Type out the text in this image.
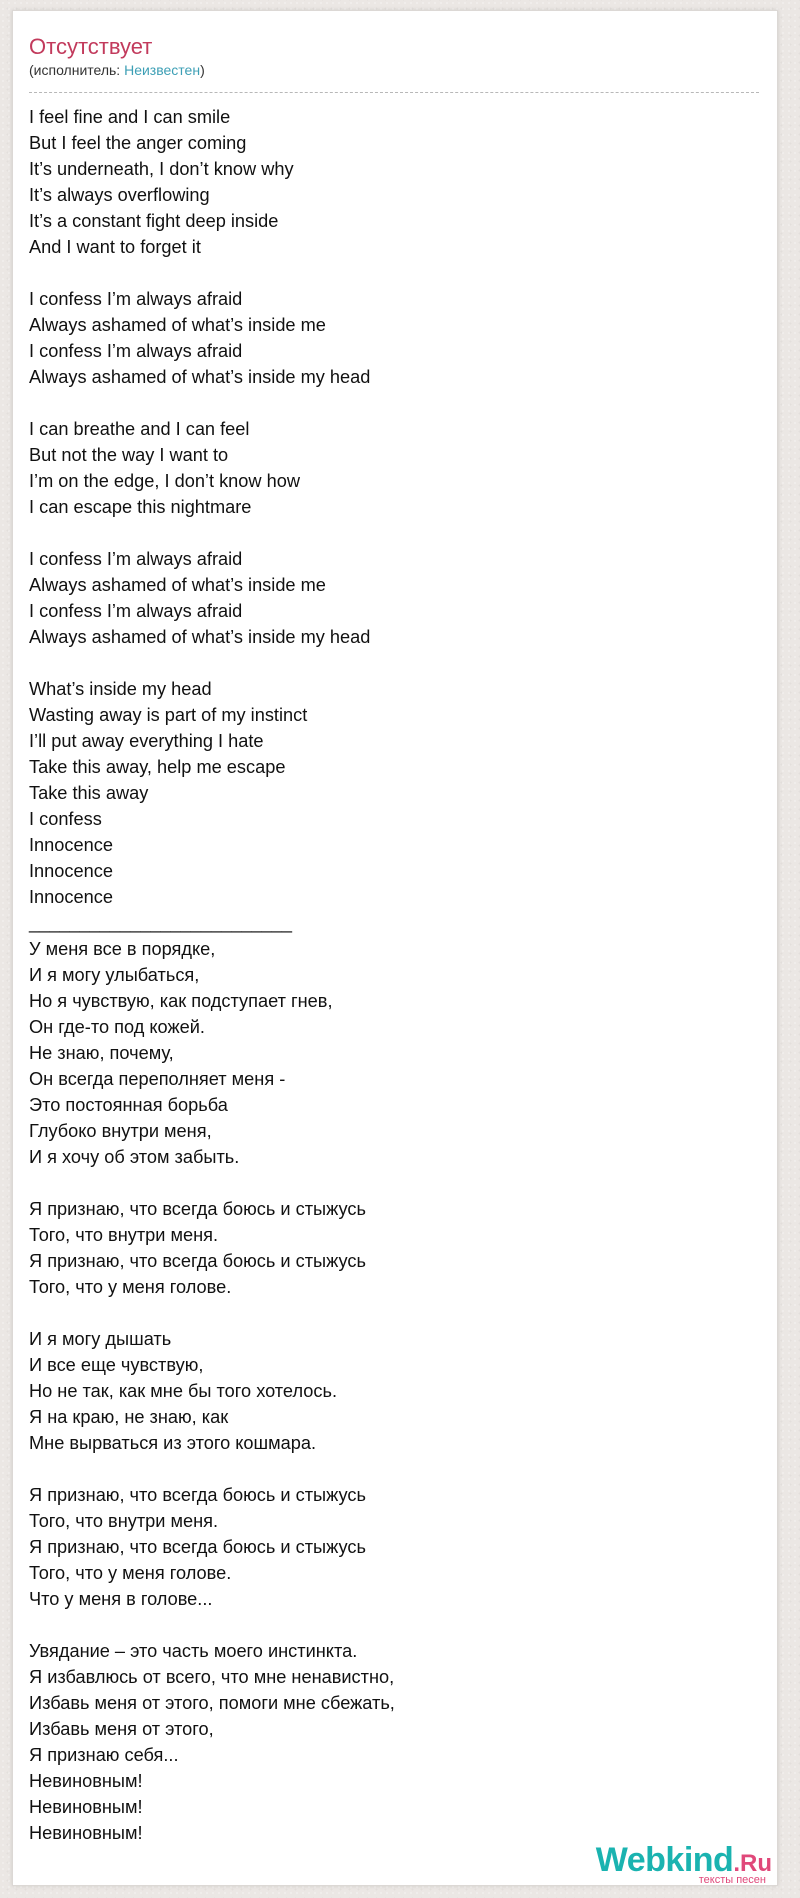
Отсутствует
(исполнитель: Неизвестен)
I feel fine and I can smile
But I feel the anger coming
It’s underneath, I don’t know why
It’s always overflowing
It’s a constant fight deep inside
And I want to forget it
I confess I’m always afraid
Always ashamed of what’s inside me
I confess I’m always afraid
Always ashamed of what’s inside my head
I can breathe and I can feel
But not the way I want to
I’m on the edge, I don’t know how
I can escape this nightmare
I confess I’m always afraid
Always ashamed of what’s inside me
I confess I’m always afraid
Always ashamed of what’s inside my head
What’s inside my head
Wasting away is part of my instinct
I’ll put away everything I hate
Take this away, help me escape
Take this away
I confess
Innocence
Innocence
Innocence
__________________________
У меня все в порядке,
И я могу улыбаться,
Но я чувствую, как подступает гнев,
Он где-то под кожей.
Не знаю, почему,
Он всегда переполняет меня -
Это постоянная борьба
Глубоко внутри меня,
И я хочу об этом забыть.
Я признаю, что всегда боюсь и стыжусь
Того, что внутри меня.
Я признаю, что всегда боюсь и стыжусь
Того, что у меня голове.
И я могу дышать
И все еще чувствую,
Но не так, как мне бы того хотелось.
Я на краю, не знаю, как
Мне вырваться из этого кошмара.
Я признаю, что всегда боюсь и стыжусь
Того, что внутри меня.
Я признаю, что всегда боюсь и стыжусь
Того, что у меня голове.
Что у меня в голове...
Увядание – это часть моего инстинкта.
Я избавлюсь от всего, что мне ненавистно,
Избавь меня от этого, помоги мне сбежать,
Избавь меня от этого,
Я признаю себя...
Невиновным!
Невиновным!
Невиновным!
Webkind.Ru
тексты песен
